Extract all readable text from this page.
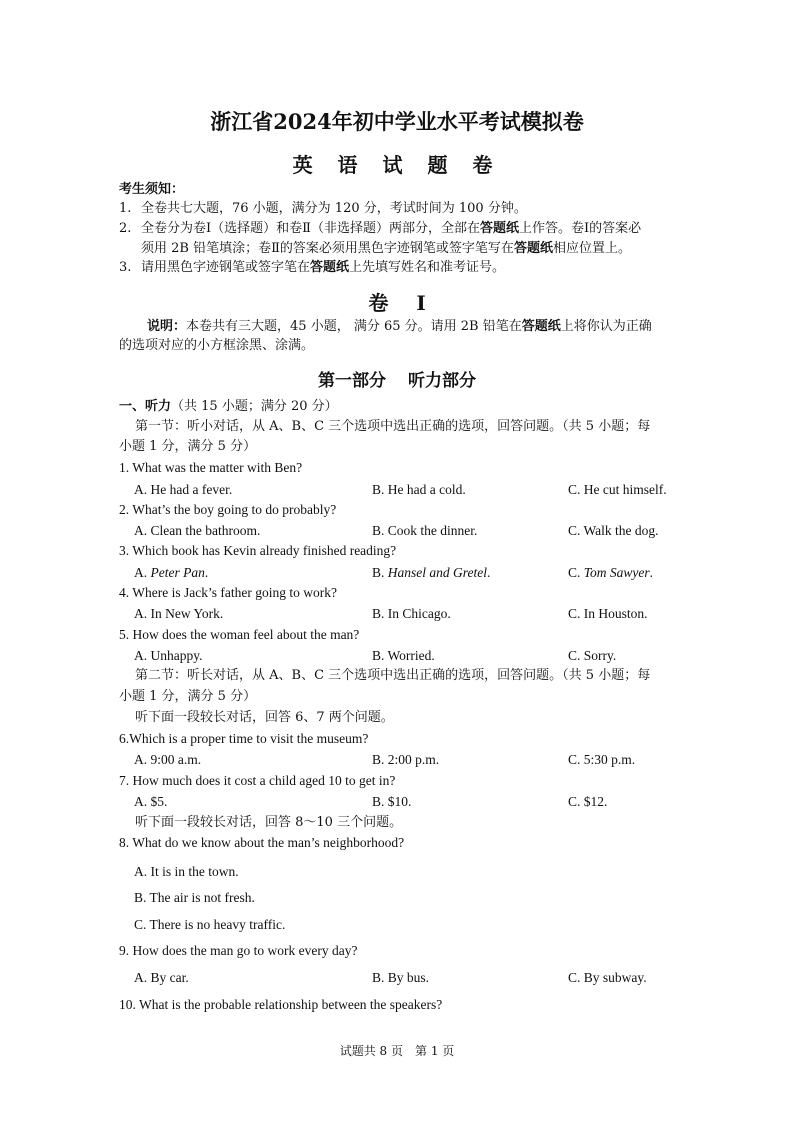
浙江省2024年初中学业水平考试模拟卷
英 语 试 题 卷
考生须知：
1. 全卷共七大题，76 小题，满分为 120 分，考试时间为 100 分钟。
2. 全卷分为卷Ⅰ（选择题）和卷Ⅱ（非选择题）两部分，全部在答题纸上作答。卷Ⅰ的答案必
须用 2B 铅笔填涂；卷Ⅱ的答案必须用黑色字迹钢笔或签字笔写在答题纸相应位置上。
3. 请用黑色字迹钢笔或签字笔在答题纸上先填写姓名和准考证号。
卷 Ⅰ
说明：本卷共有三大题，45 小题， 满分 65 分。请用 2B 铅笔在答题纸上将你认为正确
的选项对应的小方框涂黑、涂满。
第一部分 听力部分
一、听力（共 15 小题；满分 20 分）
第一节：听小对话，从 A、B、C 三个选项中选出正确的选项，回答问题。（共 5 小题；每
小题 1 分，满分 5 分）
1. What was the matter with Ben?
A. He had a fever.	B. He had a cold.	C. He cut himself.
2. What’s the boy going to do probably?
A. Clean the bathroom.	B. Cook the dinner.	C. Walk the dog.
3. Which book has Kevin already finished reading?
A. Peter Pan.	B. Hansel and Gretel.	C. Tom Sawyer.
4. Where is Jack’s father going to work?
A. In New York.	B. In Chicago.	C. In Houston.
5. How does the woman feel about the man?
A. Unhappy.	B. Worried.	C. Sorry.
第二节：听长对话，从 A、B、C 三个选项中选出正确的选项，回答问题。（共 5 小题；每
小题 1 分，满分 5 分）
听下面一段较长对话，回答 6、7 两个问题。
6.Which is a proper time to visit the museum?
A. 9:00 a.m.	B. 2:00 p.m.	C. 5:30 p.m.
7. How much does it cost a child aged 10 to get in?
A. $5.	B. $10.	C. $12.
听下面一段较长对话，回答 8～10 三个问题。
8. What do we know about the man’s neighborhood?
A. It is in the town.
B. The air is not fresh.
C. There is no heavy traffic.
9. How does the man go to work every day?
A. By car.	B. By bus.	C. By subway.
10. What is the probable relationship between the speakers?
试题共 8 页 第 1 页
